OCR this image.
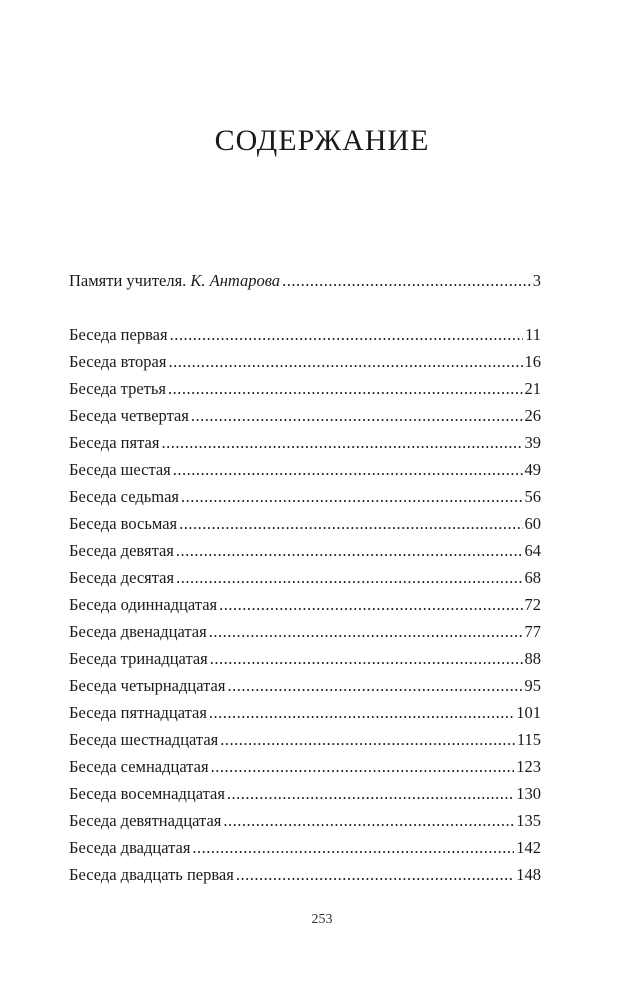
СОДЕРЖАНИЕ
Памяти учителя. К. Антарова .....	3
Беседа первая .....	11
Беседа вторая .....	16
Беседа третья .....	21
Беседа четвертая .....	26
Беседа пятая .....	39
Беседа шестая .....	49
Беседа седьmaя .....	56
Беседа восьмая .....	60
Беседа девятая .....	64
Беседа десятая .....	68
Беседа одиннадцатая .....	72
Беседа двенадцатая .....	77
Беседа тринадцатая .....	88
Беседа четырнадцатая .....	95
Беседа пятнадцатая .....	101
Беседа шестнадцатая .....	115
Беседа семнадцатая .....	123
Беседа восемнадцатая .....	130
Беседа девятнадцатая .....	135
Беседа двадцатая .....	142
Беседа двадцать первая .....	148
253
